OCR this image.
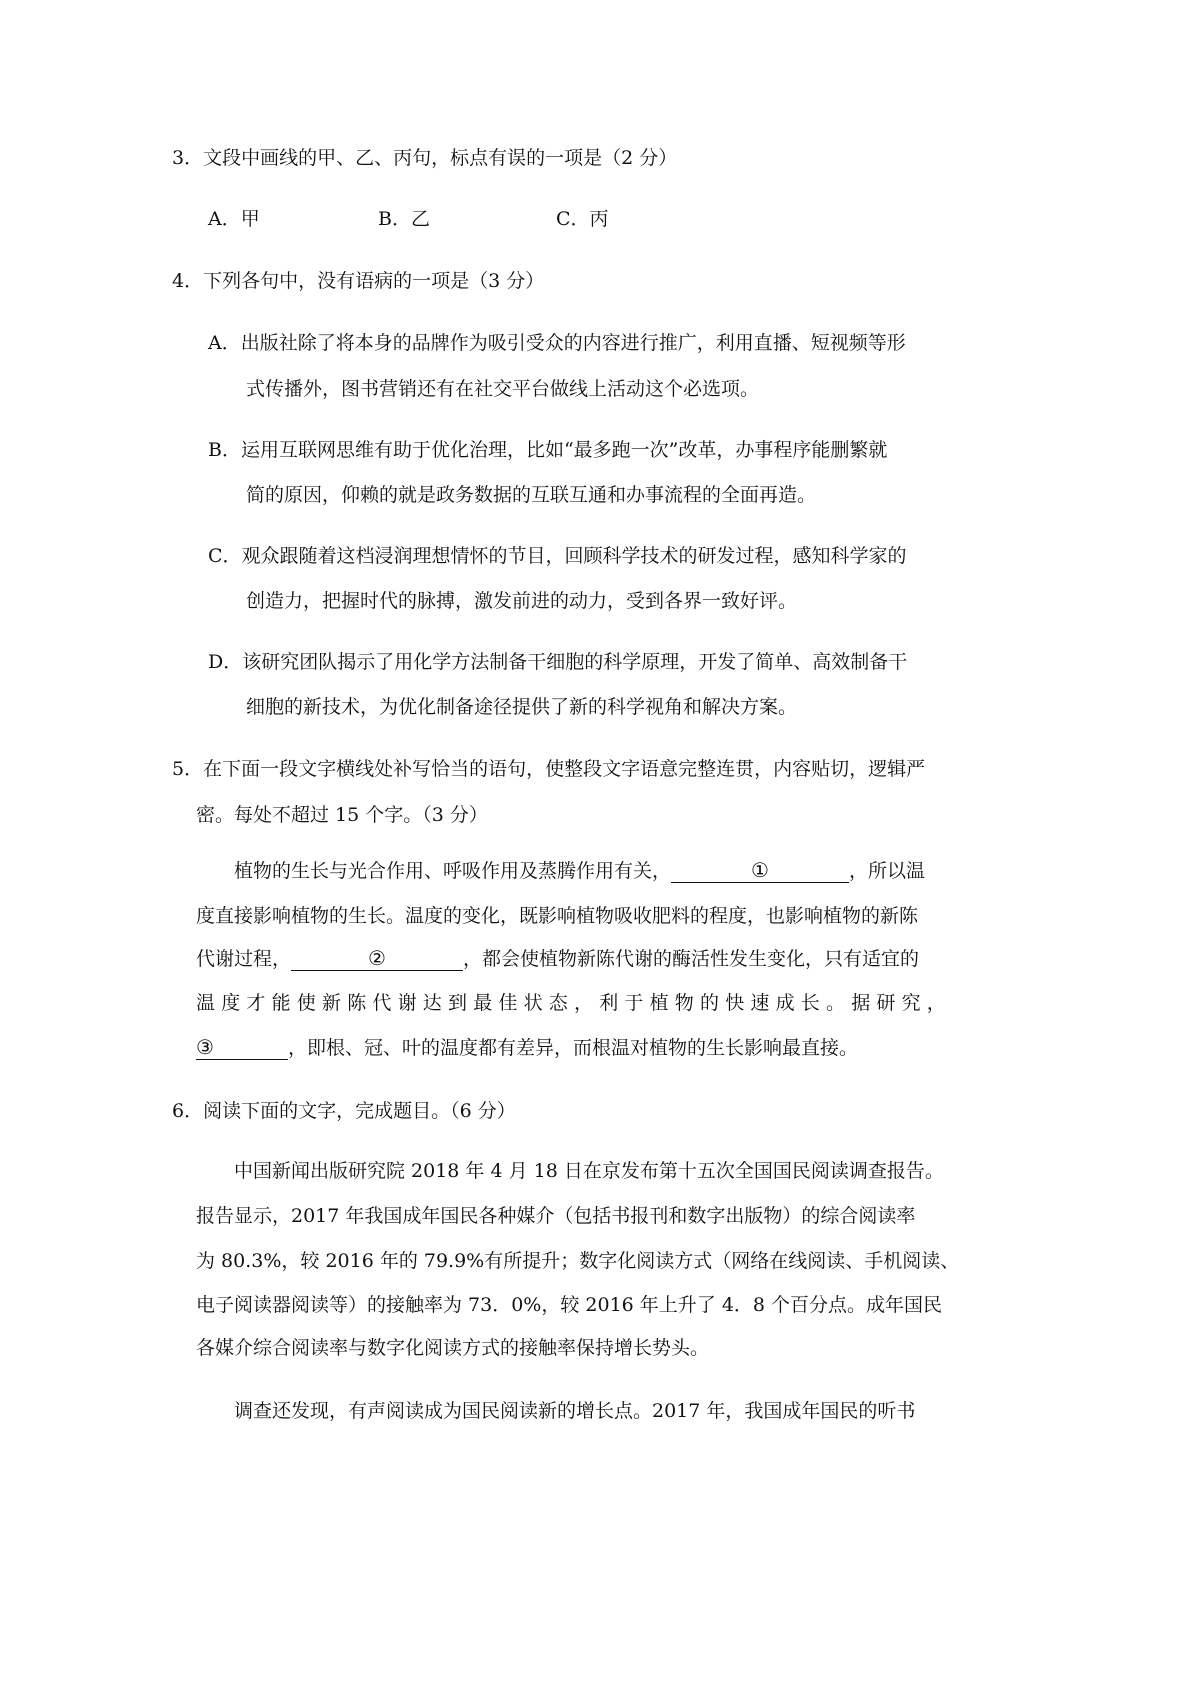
3．文段中画线的甲、乙、丙句，标点有误的一项是（2 分）
A．甲	B．乙	C．丙
4．下列各句中，没有语病的一项是（3 分）
A．出版社除了将本身的品牌作为吸引受众的内容进行推广，利用直播、短视频等形
式传播外，图书营销还有在社交平台做线上活动这个必选项。
B．运用互联网思维有助于优化治理，比如“最多跑一次”改革，办事程序能删繁就
简的原因，仰赖的就是政务数据的互联互通和办事流程的全面再造。
C．观众跟随着这档浸润理想情怀的节目，回顾科学技术的研发过程，感知科学家的
创造力，把握时代的脉搏，激发前进的动力，受到各界一致好评。
D．该研究团队揭示了用化学方法制备干细胞的科学原理，开发了简单、高效制备干
细胞的新技术，为优化制备途径提供了新的科学视角和解决方案。
5．在下面一段文字横线处补写恰当的语句，使整段文字语意完整连贯，内容贴切，逻辑严
密。每处不超过 15 个字。（3 分）
植物的生长与光合作用、呼吸作用及蒸腾作用有关，	①	，所以温
度直接影响植物的生长。温度的变化，既影响植物吸收肥料的程度，也影响植物的新陈
代谢过程，	②	，都会使植物新陈代谢的酶活性发生变化，只有适宜的
温度才能使新陈代谢达到最佳状态，利于植物的快速成长。据研究，
③	，即根、冠、叶的温度都有差异，而根温对植物的生长影响最直接。
6．阅读下面的文字，完成题目。（6 分）
中国新闻出版研究院 2018 年 4 月 18 日在京发布第十五次全国国民阅读调查报告。
报告显示，2017 年我国成年国民各种媒介（包括书报刊和数字出版物）的综合阅读率
为 80.3%，较 2016 年的 79.9%有所提升；数字化阅读方式（网络在线阅读、手机阅读、
电子阅读器阅读等）的接触率为 73．0%，较 2016 年上升了 4．8 个百分点。成年国民
各媒介综合阅读率与数字化阅读方式的接触率保持增长势头。
调查还发现，有声阅读成为国民阅读新的增长点。2017 年，我国成年国民的听书
